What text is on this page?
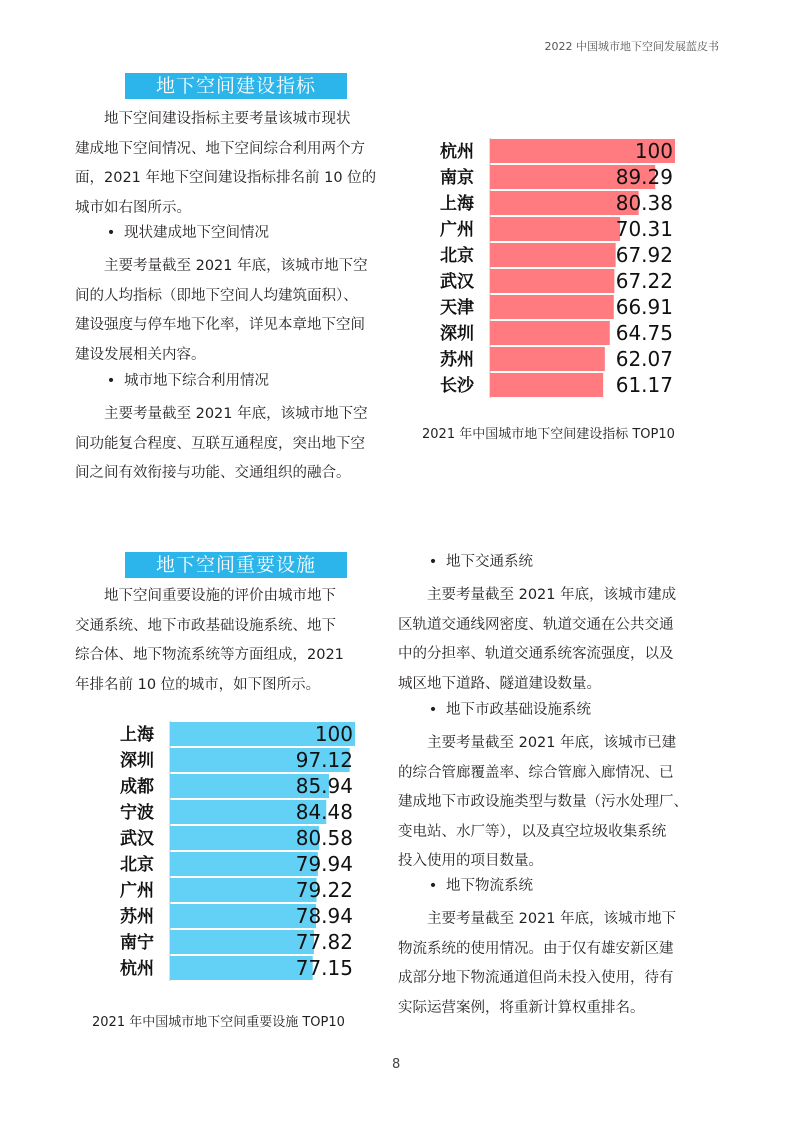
2022 中国城市地下空间发展蓝皮书
地下空间建设指标

地下空间建设指标主要考量该城市现状

建成地下空间情况、地下空间综合利用两个方

面，2021 年地下空间建设指标排名前 10 位的

城市如右图所示。

• 现状建成地下空间情况

主要考量截至 2021 年底，该城市地下空

间的人均指标（即地下空间人均建筑面积）、

建设强度与停车地下化率，详见本章地下空间

建设发展相关内容。

• 城市地下综合利用情况

主要考量截至 2021 年底，该城市地下空

间功能复合程度、互联互通程度，突出地下空

间之间有效衔接与功能、交通组织的融合。

杭州	100
南京	89.29
上海	80.38
广州	70.31
北京	67.92
武汉	67.22
天津	66.91
深圳	64.75
苏州	62.07
长沙	61.17
2021 年中国城市地下空间建设指标 TOP10
地下空间重要设施

地下空间重要设施的评价由城市地下

交通系统、地下市政基础设施系统、地下

综合体、地下物流系统等方面组成，2021

年排名前 10 位的城市，如下图所示。

上海	100
深圳	97.12
成都	85.94
宁波	84.48
武汉	80.58
北京	79.94
广州	79.22
苏州	78.94
南宁	77.82
杭州	77.15
2021 年中国城市地下空间重要设施 TOP10
• 地下交通系统

主要考量截至 2021 年底，该城市建成

区轨道交通线网密度、轨道交通在公共交通

中的分担率、轨道交通系统客流强度，以及

城区地下道路、隧道建设数量。

• 地下市政基础设施系统

主要考量截至 2021 年底，该城市已建

的综合管廊覆盖率、综合管廊入廊情况、已

建成地下市政设施类型与数量（污水处理厂、

变电站、水厂等），以及真空垃圾收集系统

投入使用的项目数量。

• 地下物流系统

主要考量截至 2021 年底，该城市地下

物流系统的使用情况。由于仅有雄安新区建

成部分地下物流通道但尚未投入使用，待有

实际运营案例，将重新计算权重排名。

8
